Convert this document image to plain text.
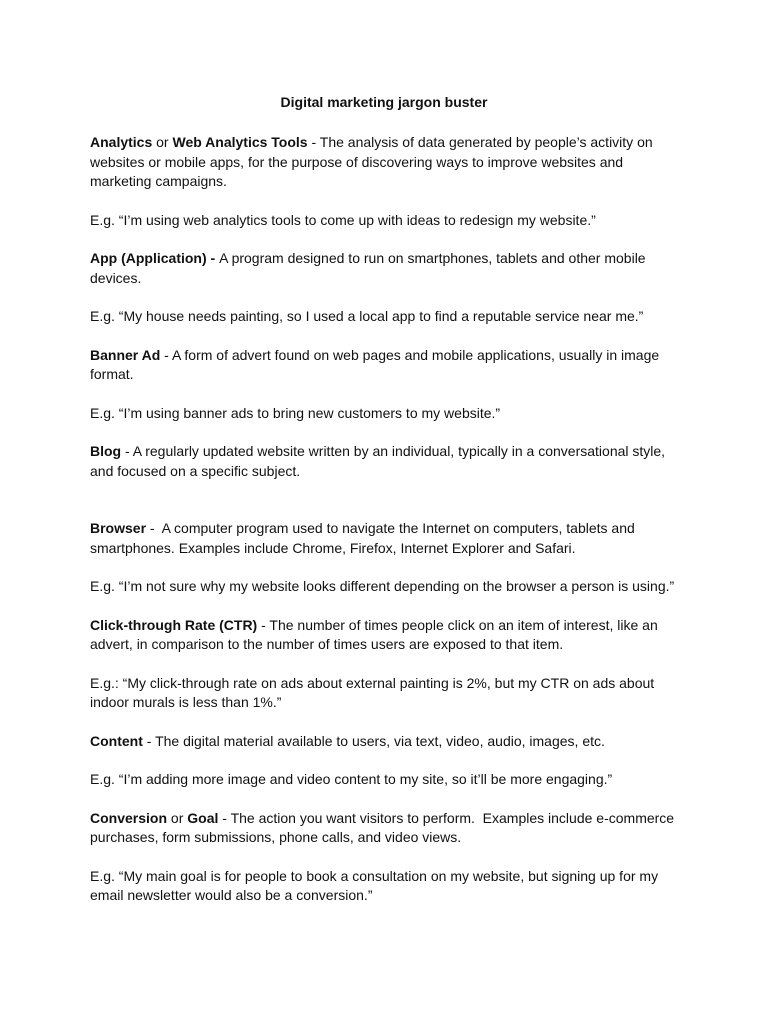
Digital marketing jargon buster

Analytics or Web Analytics Tools - The analysis of data generated by people’s activity on websites or mobile apps, for the purpose of discovering ways to improve websites and marketing campaigns.

E.g. “I’m using web analytics tools to come up with ideas to redesign my website.”

App (Application) - A program designed to run on smartphones, tablets and other mobile devices.

E.g. “My house needs painting, so I used a local app to find a reputable service near me.”

Banner Ad - A form of advert found on web pages and mobile applications, usually in image format.

E.g. “I’m using banner ads to bring new customers to my website.”

Blog - A regularly updated website written by an individual, typically in a conversational style, and focused on a specific subject.

Browser -  A computer program used to navigate the Internet on computers, tablets and smartphones. Examples include Chrome, Firefox, Internet Explorer and Safari.

E.g. “I’m not sure why my website looks different depending on the browser a person is using.”

Click-through Rate (CTR) - The number of times people click on an item of interest, like an advert, in comparison to the number of times users are exposed to that item.

E.g.: “My click-through rate on ads about external painting is 2%, but my CTR on ads about indoor murals is less than 1%.”

Content - The digital material available to users, via text, video, audio, images, etc.

E.g. “I’m adding more image and video content to my site, so it’ll be more engaging.”

Conversion or Goal - The action you want visitors to perform.  Examples include e-commerce purchases, form submissions, phone calls, and video views.

E.g. “My main goal is for people to book a consultation on my website, but signing up for my email newsletter would also be a conversion.”
